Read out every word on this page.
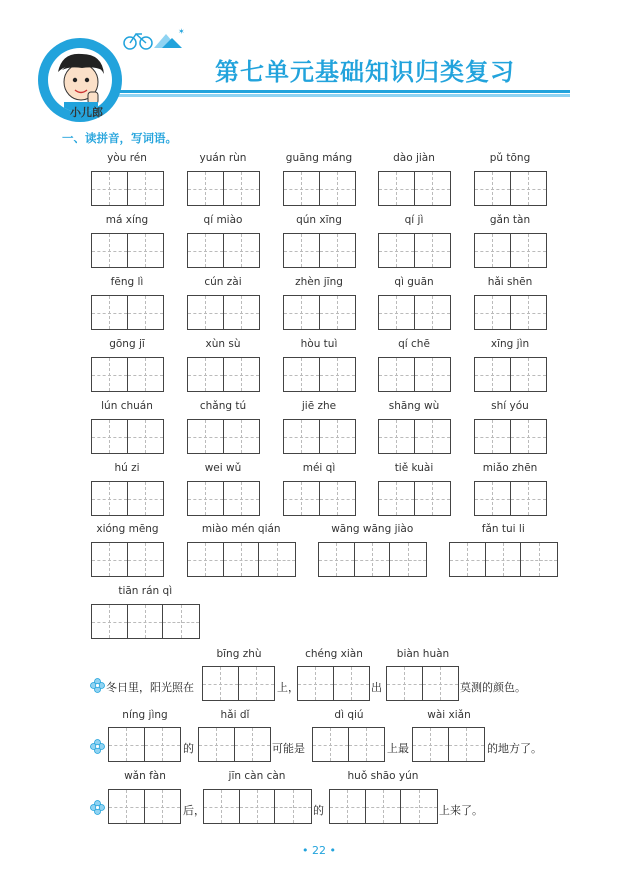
✶
小儿郎
第七单元基础知识归类复习
一、读拼音，写词语。
• 22 •
yòu rén	yuán rùn	guāng máng	dào jiàn	pǔ tōng
má xíng	qí miào	qún xīng	qí jì	gǎn tàn
fēng lì	cún zài	zhèn jīng	qì guān	hǎi shēn
gōng jī	xùn sù	hòu tuì	qí chē	xīng jìn
lún chuán	chǎng tú	jiē zhe	shāng wù	shí yóu
hú zi	wei wǔ	méi qì	tiě kuài	miǎo zhēn
xióng mēng	miào mén qián	wāng wāng jiào	fǎn tui li
tiān rán qì
冬日里，阳光照在	上，	出	莫测的颜色。
bīng zhù	chéng xiàn	biàn huàn
的	可能是	上最	的地方了。
níng jìng	hǎi dǐ	dì qiú	wài xiǎn
后，	的	上来了。
wǎn fàn	jīn càn càn	huǒ shāo yún
